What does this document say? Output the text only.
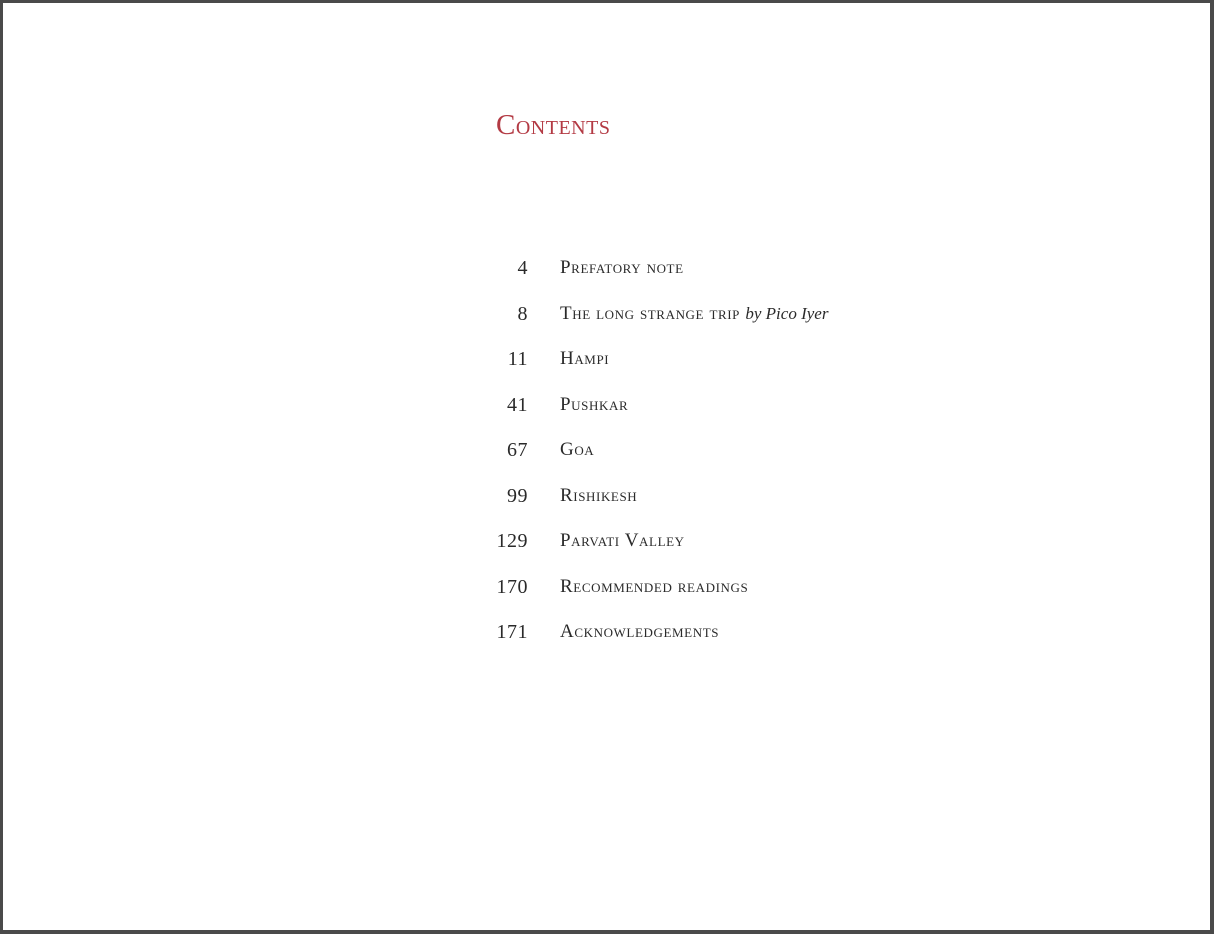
Contents
4 Prefatory note
8 The long strange trip by Pico Iyer
11 Hampi
41 Pushkar
67 Goa
99 Rishikesh
129 Parvati Valley
170 Recommended readings
171 Acknowledgements
